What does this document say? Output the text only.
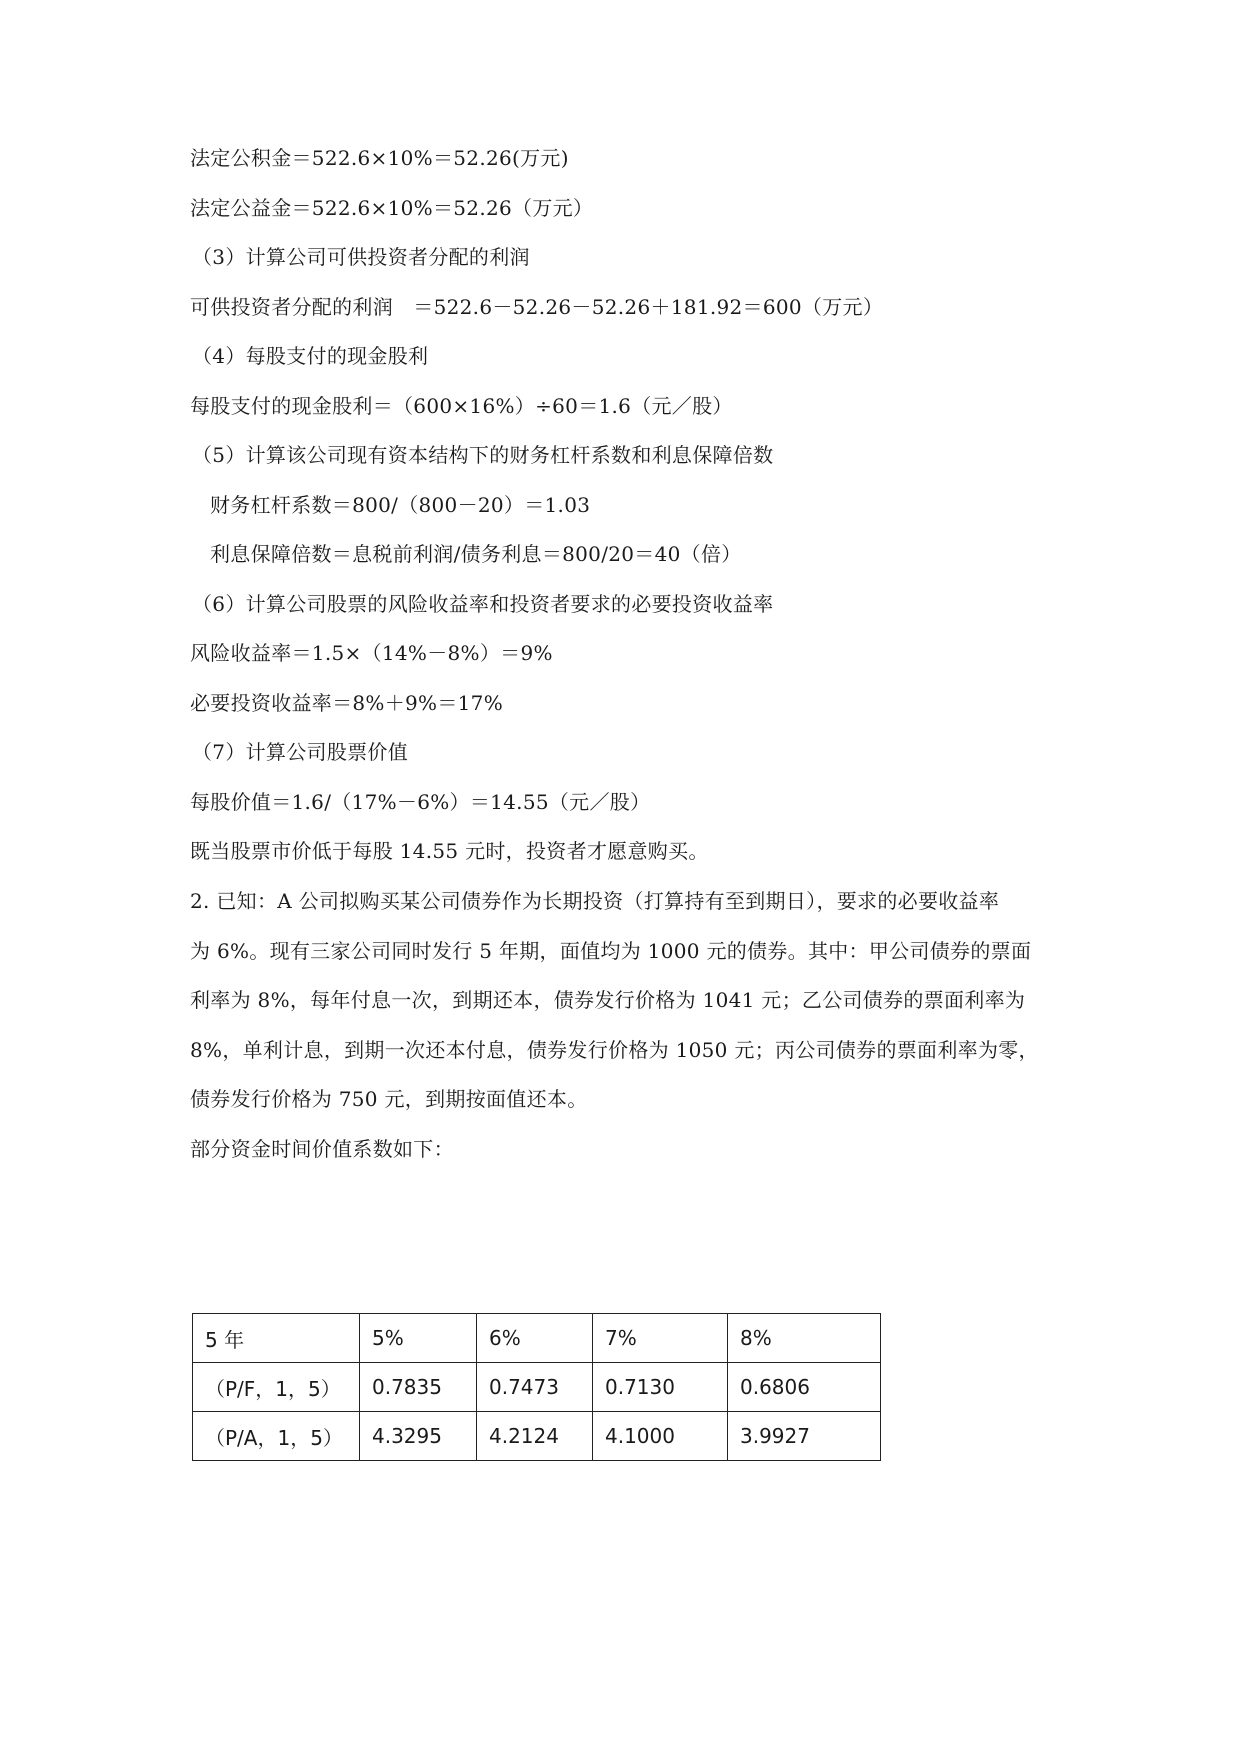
法定公积金＝522.6×10%＝52.26(万元)
法定公益金＝522.6×10%＝52.26（万元）
（3）计算公司可供投资者分配的利润
可供投资者分配的利润　＝522.6－52.26－52.26＋181.92＝600（万元）
（4）每股支付的现金股利
每股支付的现金股利＝（600×16%）÷60＝1.6（元／股）
（5）计算该公司现有资本结构下的财务杠杆系数和利息保障倍数
财务杠杆系数＝800/（800－20）＝1.03
利息保障倍数＝息税前利润/债务利息＝800/20＝40（倍）
（6）计算公司股票的风险收益率和投资者要求的必要投资收益率
风险收益率＝1.5×（14%－8%）＝9%
必要投资收益率＝8%＋9%＝17%
（7）计算公司股票价值
每股价值＝1.6/（17%－6%）＝14.55（元／股）
既当股票市价低于每股 14.55 元时，投资者才愿意购买。
2. 已知：A 公司拟购买某公司债券作为长期投资（打算持有至到期日），要求的必要收益率
为 6%。现有三家公司同时发行 5 年期，面值均为 1000 元的债券。其中：甲公司债券的票面
利率为 8%，每年付息一次，到期还本，债券发行价格为 1041 元；乙公司债券的票面利率为
8%，单利计息，到期一次还本付息，债券发行价格为 1050 元；丙公司债券的票面利率为零，
债券发行价格为 750 元，到期按面值还本。
部分资金时间价值系数如下：
5 年	5%	6%	7%	8%
（P/F，1，5）	0.7835	0.7473	0.7130	0.6806
（P/A，1，5）	4.3295	4.2124	4.1000	3.9927
